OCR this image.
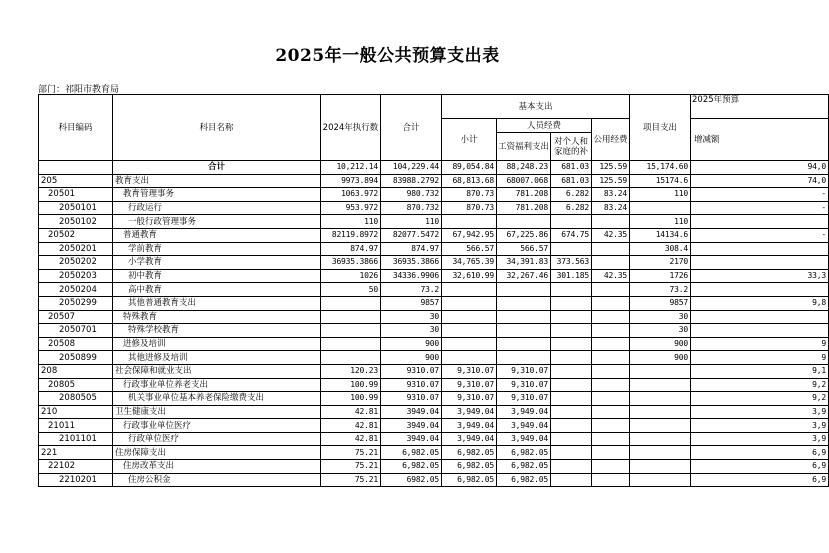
2025年一般公共预算支出表
部门：祁阳市教育局
科目编码	科目名称	2024年执行数	合计	基本支出				项目支出	2025年预算
				小计	人员经费		公用经费		增减额
					工资福利支出	对个人和家庭的补			

	合计	10,212.14	104,229.44	89,054.84	88,248.23	681.03	125.59	15,174.60	94,0
205	教育支出	9973.894	83988.2792	68,813.68	68007.068	681.03	125.59	15174.6	74,0
20501	教育管理事务	1063.972	980.732	870.73	781.208	6.282	83.24	110	-
2050101	行政运行	953.972	870.732	870.73	781.208	6.282	83.24		-
2050102	一般行政管理事务	110	110					110	
20502	普通教育	82119.8972	82077.5472	67,942.95	67,225.86	674.75	42.35	14134.6	-
2050201	学前教育	874.97	874.97	566.57	566.57			308.4	
2050202	小学教育	36935.3866	36935.3866	34,765.39	34,391.83	373.563		2170	
2050203	初中教育	1026	34336.9906	32,610.99	32,267.46	301.185	42.35	1726	33,3
2050204	高中教育	50	73.2					73.2	
2050299	其他普通教育支出		9857					9857	9,8
20507	特殊教育		30					30	
2050701	特殊学校教育		30					30	
20508	进修及培训		900					900	9
2050899	其他进修及培训		900					900	9
208	社会保障和就业支出	120.23	9310.07	9,310.07	9,310.07				9,1
20805	行政事业单位养老支出	100.99	9310.07	9,310.07	9,310.07				9,2
2080505	机关事业单位基本养老保险缴费支出	100.99	9310.07	9,310.07	9,310.07				9,2
210	卫生健康支出	42.81	3949.04	3,949.04	3,949.04				3,9
21011	行政事业单位医疗	42.81	3949.04	3,949.04	3,949.04				3,9
2101101	行政单位医疗	42.81	3949.04	3,949.04	3,949.04				3,9
221	住房保障支出	75.21	6,982.05	6,982.05	6,982.05				6,9
22102	住房改革支出	75.21	6,982.05	6,982.05	6,982.05				6,9
2210201	住房公积金	75.21	6982.05	6,982.05	6,982.05				6,9
